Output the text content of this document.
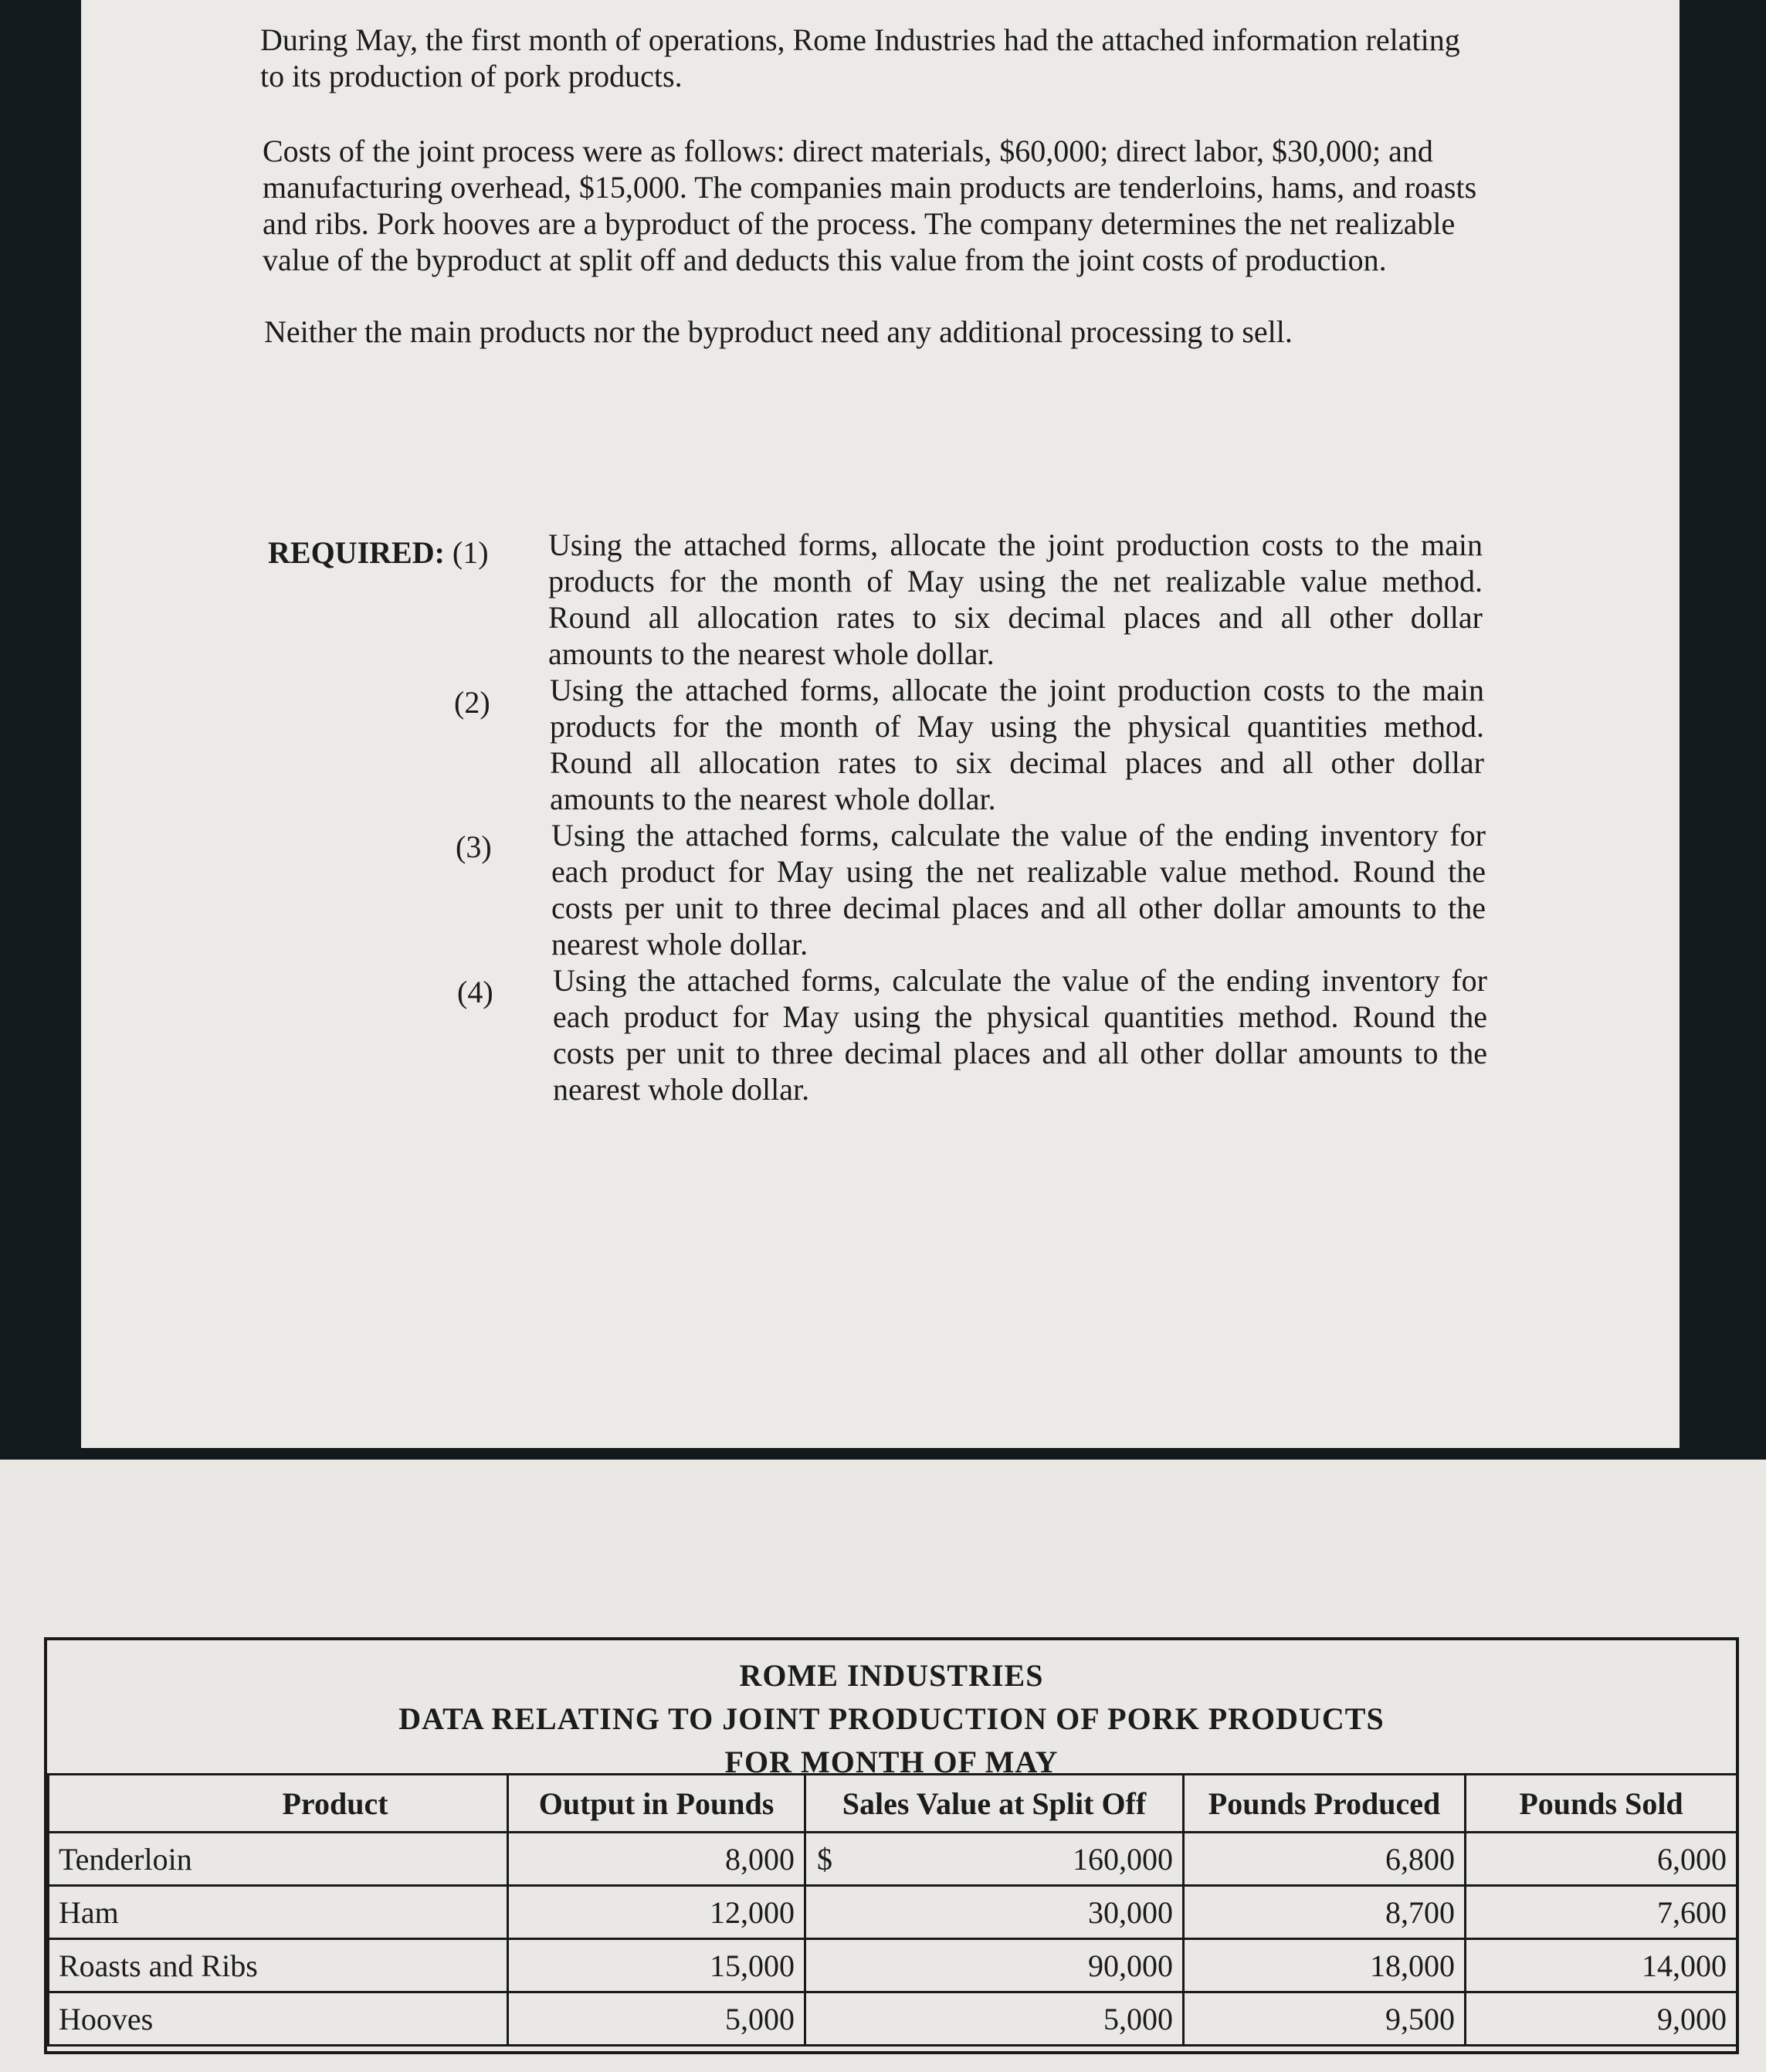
During May, the first month of operations, Rome Industries had the attached information relating to its production of pork products.

Costs of the joint process were as follows: direct materials, $60,000; direct labor, $30,000; and manufacturing overhead, $15,000. The companies main products are tenderloins, hams, and roasts and ribs. Pork hooves are a byproduct of the process. The company determines the net realizable value of the byproduct at split off and deducts this value from the joint costs of production.

Neither the main products nor the byproduct need any additional processing to sell.

REQUIRED: (1) Using the attached forms, allocate the joint production costs to the main products for the month of May using the net realizable value method. Round all allocation rates to six decimal places and all other dollar amounts to the nearest whole dollar.
(2) Using the attached forms, allocate the joint production costs to the main products for the month of May using the physical quantities method. Round all allocation rates to six decimal places and all other dollar amounts to the nearest whole dollar.
(3) Using the attached forms, calculate the value of the ending inventory for each product for May using the net realizable value method. Round the costs per unit to three decimal places and all other dollar amounts to the nearest whole dollar.
(4) Using the attached forms, calculate the value of the ending inventory for each product for May using the physical quantities method. Round the costs per unit to three decimal places and all other dollar amounts to the nearest whole dollar.
ROME INDUSTRIES
DATA RELATING TO JOINT PRODUCTION OF PORK PRODUCTS
FOR MONTH OF MAY
Product	Output in Pounds	Sales Value at Split Off	Pounds Produced	Pounds Sold
Tenderloin	8,000	$ 160,000	6,800	6,000
Ham	12,000	30,000	8,700	7,600
Roasts and Ribs	15,000	90,000	18,000	14,000
Hooves	5,000	5,000	9,500	9,000
